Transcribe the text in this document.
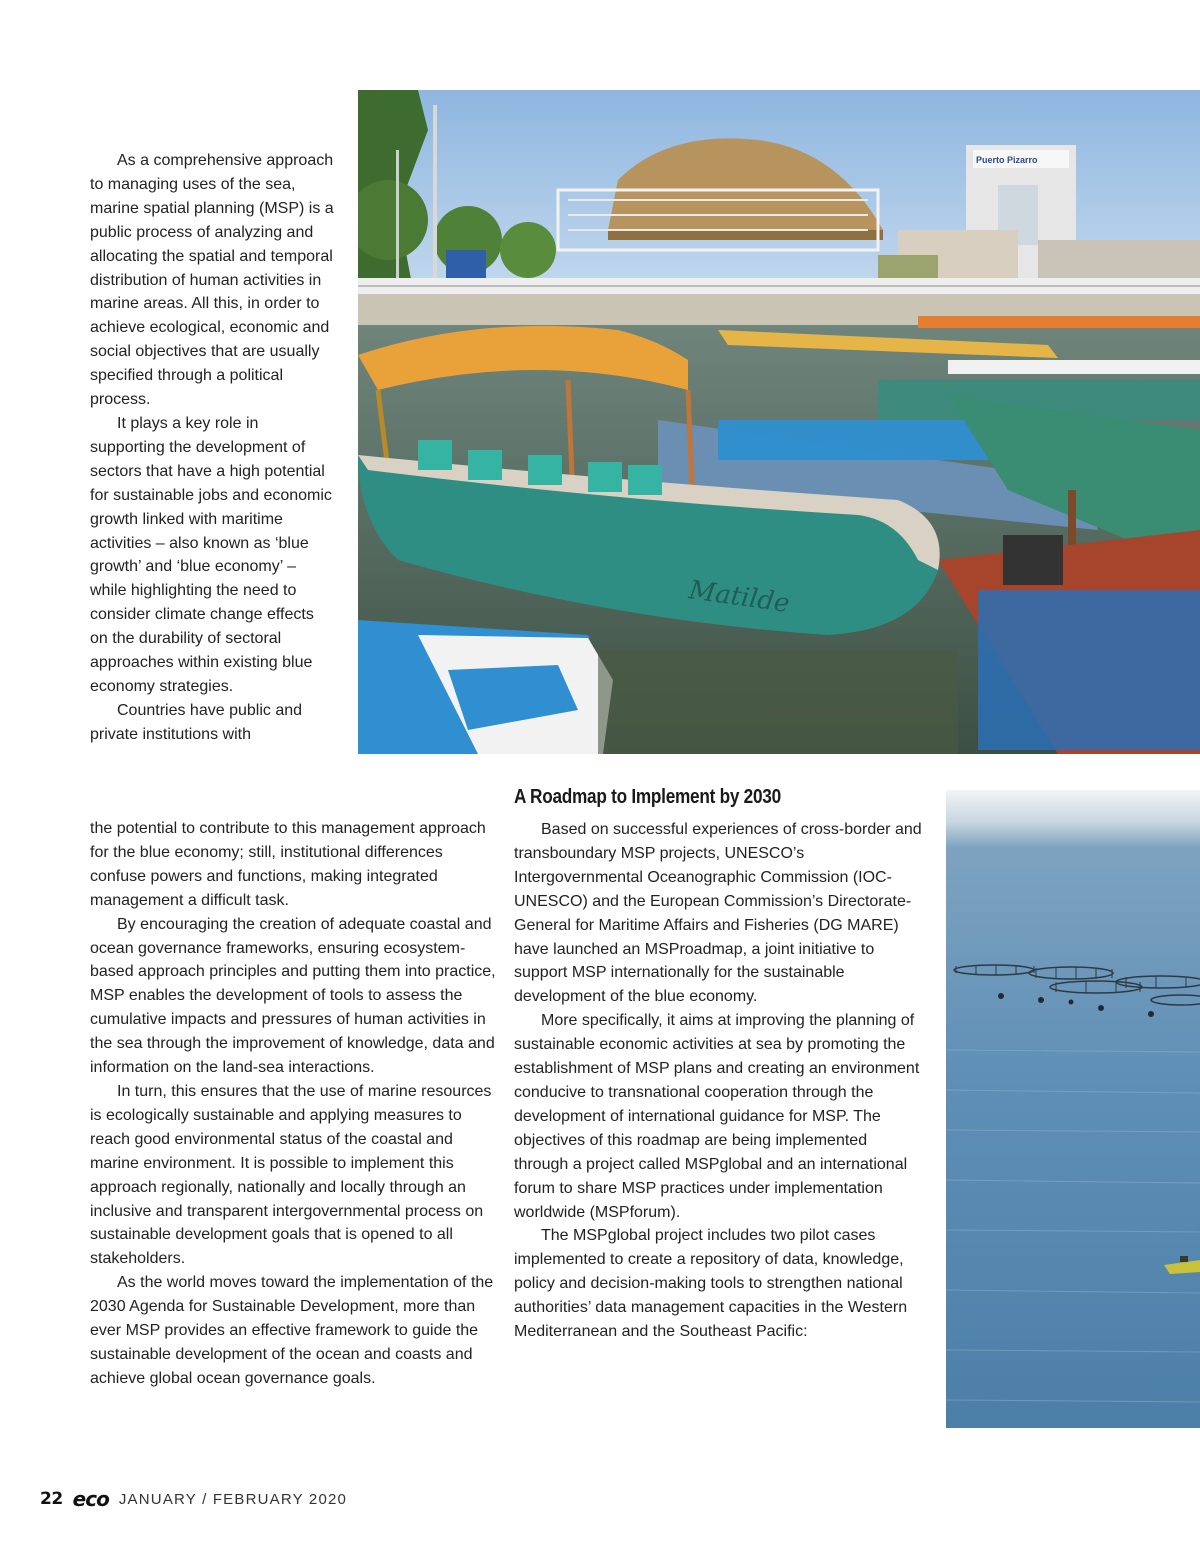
Puerto Pizarro
Matilde

As a comprehensive approach to managing uses of the sea, marine spatial planning (MSP) is a public process of analyzing and allocating the spatial and temporal distribution of human activities in marine areas. All this, in order to achieve ecological, economic and social objectives that are usually specified through a political process.

It plays a key role in supporting the development of sectors that have a high potential for sustainable jobs and economic growth linked with maritime activities – also known as ‘blue growth’ and ‘blue economy’ – while highlighting the need to consider climate change effects on the durability of sectoral approaches within existing blue economy strategies.

Countries have public and private institutions with

the potential to contribute to this management approach for the blue economy; still, institutional differences confuse powers and functions, making integrated management a difficult task.

By encouraging the creation of adequate coastal and ocean governance frameworks, ensuring ecosystem-based approach principles and putting them into practice, MSP enables the development of tools to assess the cumulative impacts and pressures of human activities in the sea through the improvement of knowledge, data and information on the land-sea interactions.

In turn, this ensures that the use of marine resources is ecologically sustainable and applying measures to reach good environmental status of the coastal and marine environment. It is possible to implement this approach regionally, nationally and locally through an inclusive and transparent intergovernmental process on sustainable development goals that is opened to all stakeholders.

As the world moves toward the implementation of the 2030 Agenda for Sustainable Development, more than ever MSP provides an effective framework to guide the sustainable development of the ocean and coasts and achieve global ocean governance goals.

A Roadmap to Implement by 2030

Based on successful experiences of cross-border and transboundary MSP projects, UNESCO’s Intergovernmental Oceanographic Commission (IOC-UNESCO) and the European Commission’s Directorate-General for Maritime Affairs and Fisheries (DG MARE) have launched an MSProadmap, a joint initiative to support MSP internationally for the sustainable development of the blue economy.

More specifically, it aims at improving the planning of sustainable economic activities at sea by promoting the establishment of MSP plans and creating an environment conducive to transnational cooperation through the development of international guidance for MSP. The objectives of this roadmap are being implemented through a project called MSPglobal and an international forum to share MSP practices under implementation worldwide (MSPforum).

The MSPglobal project includes two pilot cases implemented to create a repository of data, knowledge, policy and decision-making tools to strengthen national authorities’ data management capacities in the Western Mediterranean and the Southeast Pacific:

22 eco JANUARY / FEBRUARY 2020
